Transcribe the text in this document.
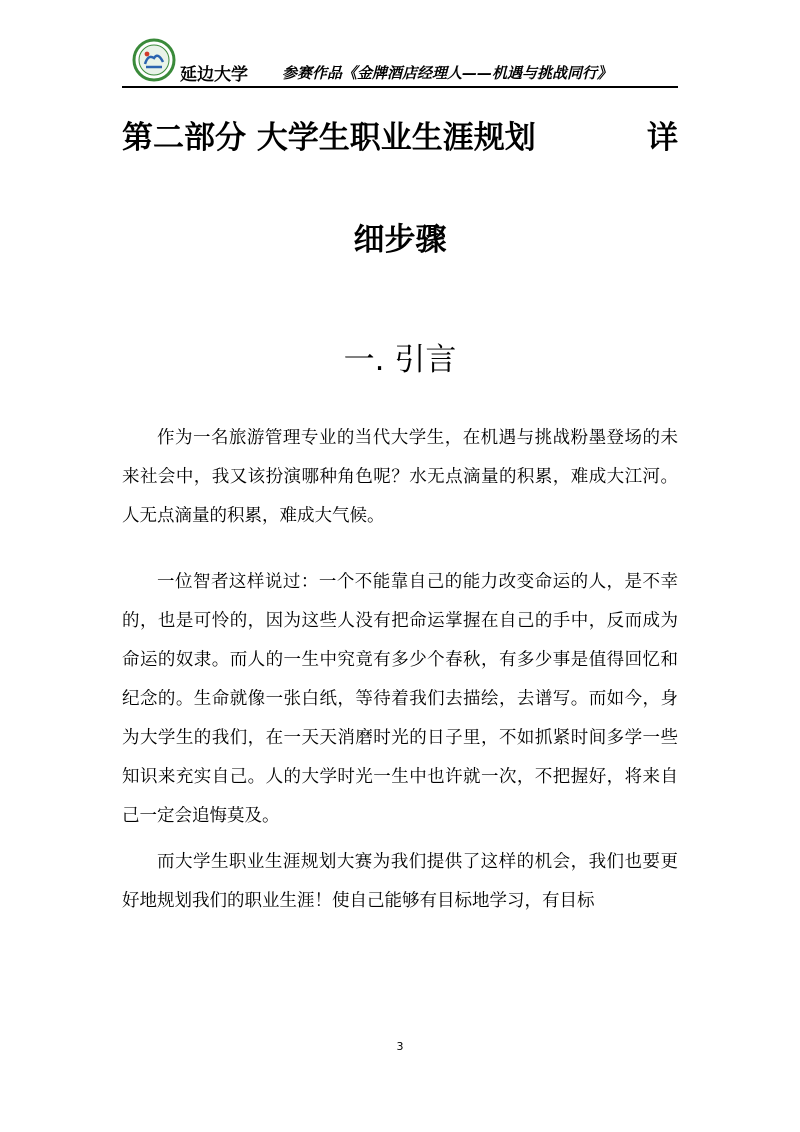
延边大学 参赛作品《金牌酒店经理人——机遇与挑战同行》
第二部分 大学生职业生涯规划	详
细步骤
一. 引言

作为一名旅游管理专业的当代大学生，在机遇与挑战粉墨登场的未来社会中，我又该扮演哪种角色呢？水无点滴量的积累，难成大江河。人无点滴量的积累，难成大气候。

一位智者这样说过：一个不能靠自己的能力改变命运的人，是不幸的，也是可怜的，因为这些人没有把命运掌握在自己的手中，反而成为命运的奴隶。而人的一生中究竟有多少个春秋，有多少事是值得回忆和纪念的。生命就像一张白纸，等待着我们去描绘，去谱写。而如今，身为大学生的我们，在一天天消磨时光的日子里，不如抓紧时间多学一些知识来充实自己。人的大学时光一生中也许就一次，不把握好，将来自己一定会追悔莫及。

而大学生职业生涯规划大赛为我们提供了这样的机会，我们也要更好地规划我们的职业生涯！使自己能够有目标地学习，有目标

3
